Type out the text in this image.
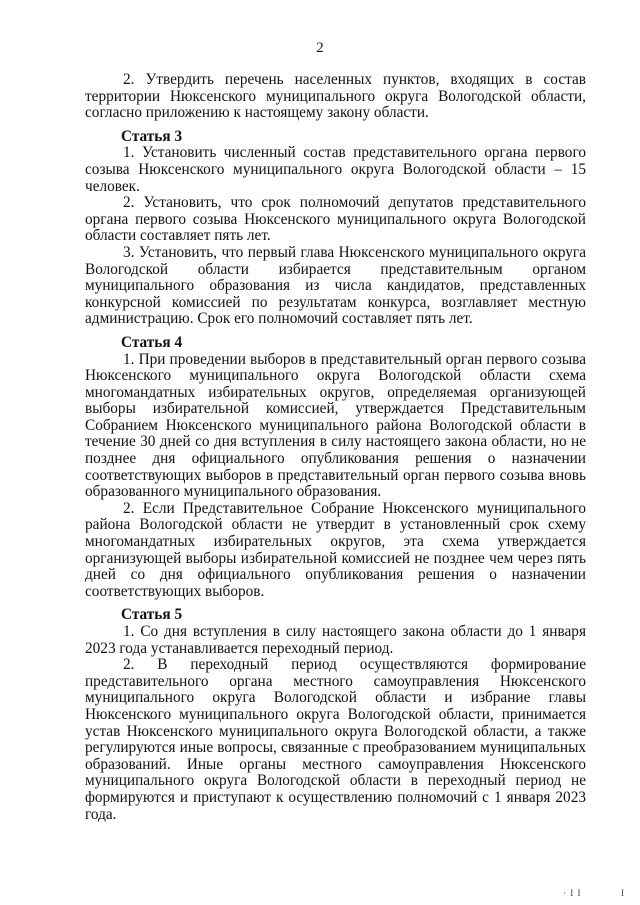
2

2. Утвердить перечень населенных пунктов, входящих в состав территории Нюксенского муниципального округа Вологодской области, согласно приложению к настоящему закону области.

Статья 3

1. Установить численный состав представительного органа первого созыва Нюксенского муниципального округа Вологодской области – 15 человек.

2. Установить, что срок полномочий депутатов представительного органа первого созыва Нюксенского муниципального округа Вологодской области составляет пять лет.

3. Установить, что первый глава Нюксенского муниципального округа Вологодской области избирается представительным органом муниципального образования из числа кандидатов, представленных конкурсной комиссией по результатам конкурса, возглавляет местную администрацию. Срок его полномочий составляет пять лет.

Статья 4

1. При проведении выборов в представительный орган первого созыва Нюксенского муниципального округа Вологодской области схема многомандатных избирательных округов, определяемая организующей выборы избирательной комиссией, утверждается Представительным Собранием Нюксенского муниципального района Вологодской области в течение 30 дней со дня вступления в силу настоящего закона области, но не позднее дня официального опубликования решения о назначении соответствующих выборов в представительный орган первого созыва вновь образованного муниципального образования.

2. Если Представительное Собрание Нюксенского муниципального района Вологодской области не утвердит в установленный срок схему многомандатных избирательных округов, эта схема утверждается организующей выборы избирательной комиссией не позднее чем через пять дней со дня официального опубликования решения о назначении соответствующих выборов.

Статья 5

1. Со дня вступления в силу настоящего закона области до 1 января 2023 года устанавливается переходный период.

2. В переходный период осуществляются формирование представительного органа местного самоуправления Нюксенского муниципального округа Вологодской области и избрание главы Нюксенского муниципального округа Вологодской области, принимается устав Нюксенского муниципального округа Вологодской области, а также регулируются иные вопросы, связанные с преобразованием муниципальных образований. Иные органы местного самоуправления Нюксенского муниципального округа Вологодской области в переходный период не формируются и приступают к осуществлению полномочий с 1 января 2023 года.

· I I	I
